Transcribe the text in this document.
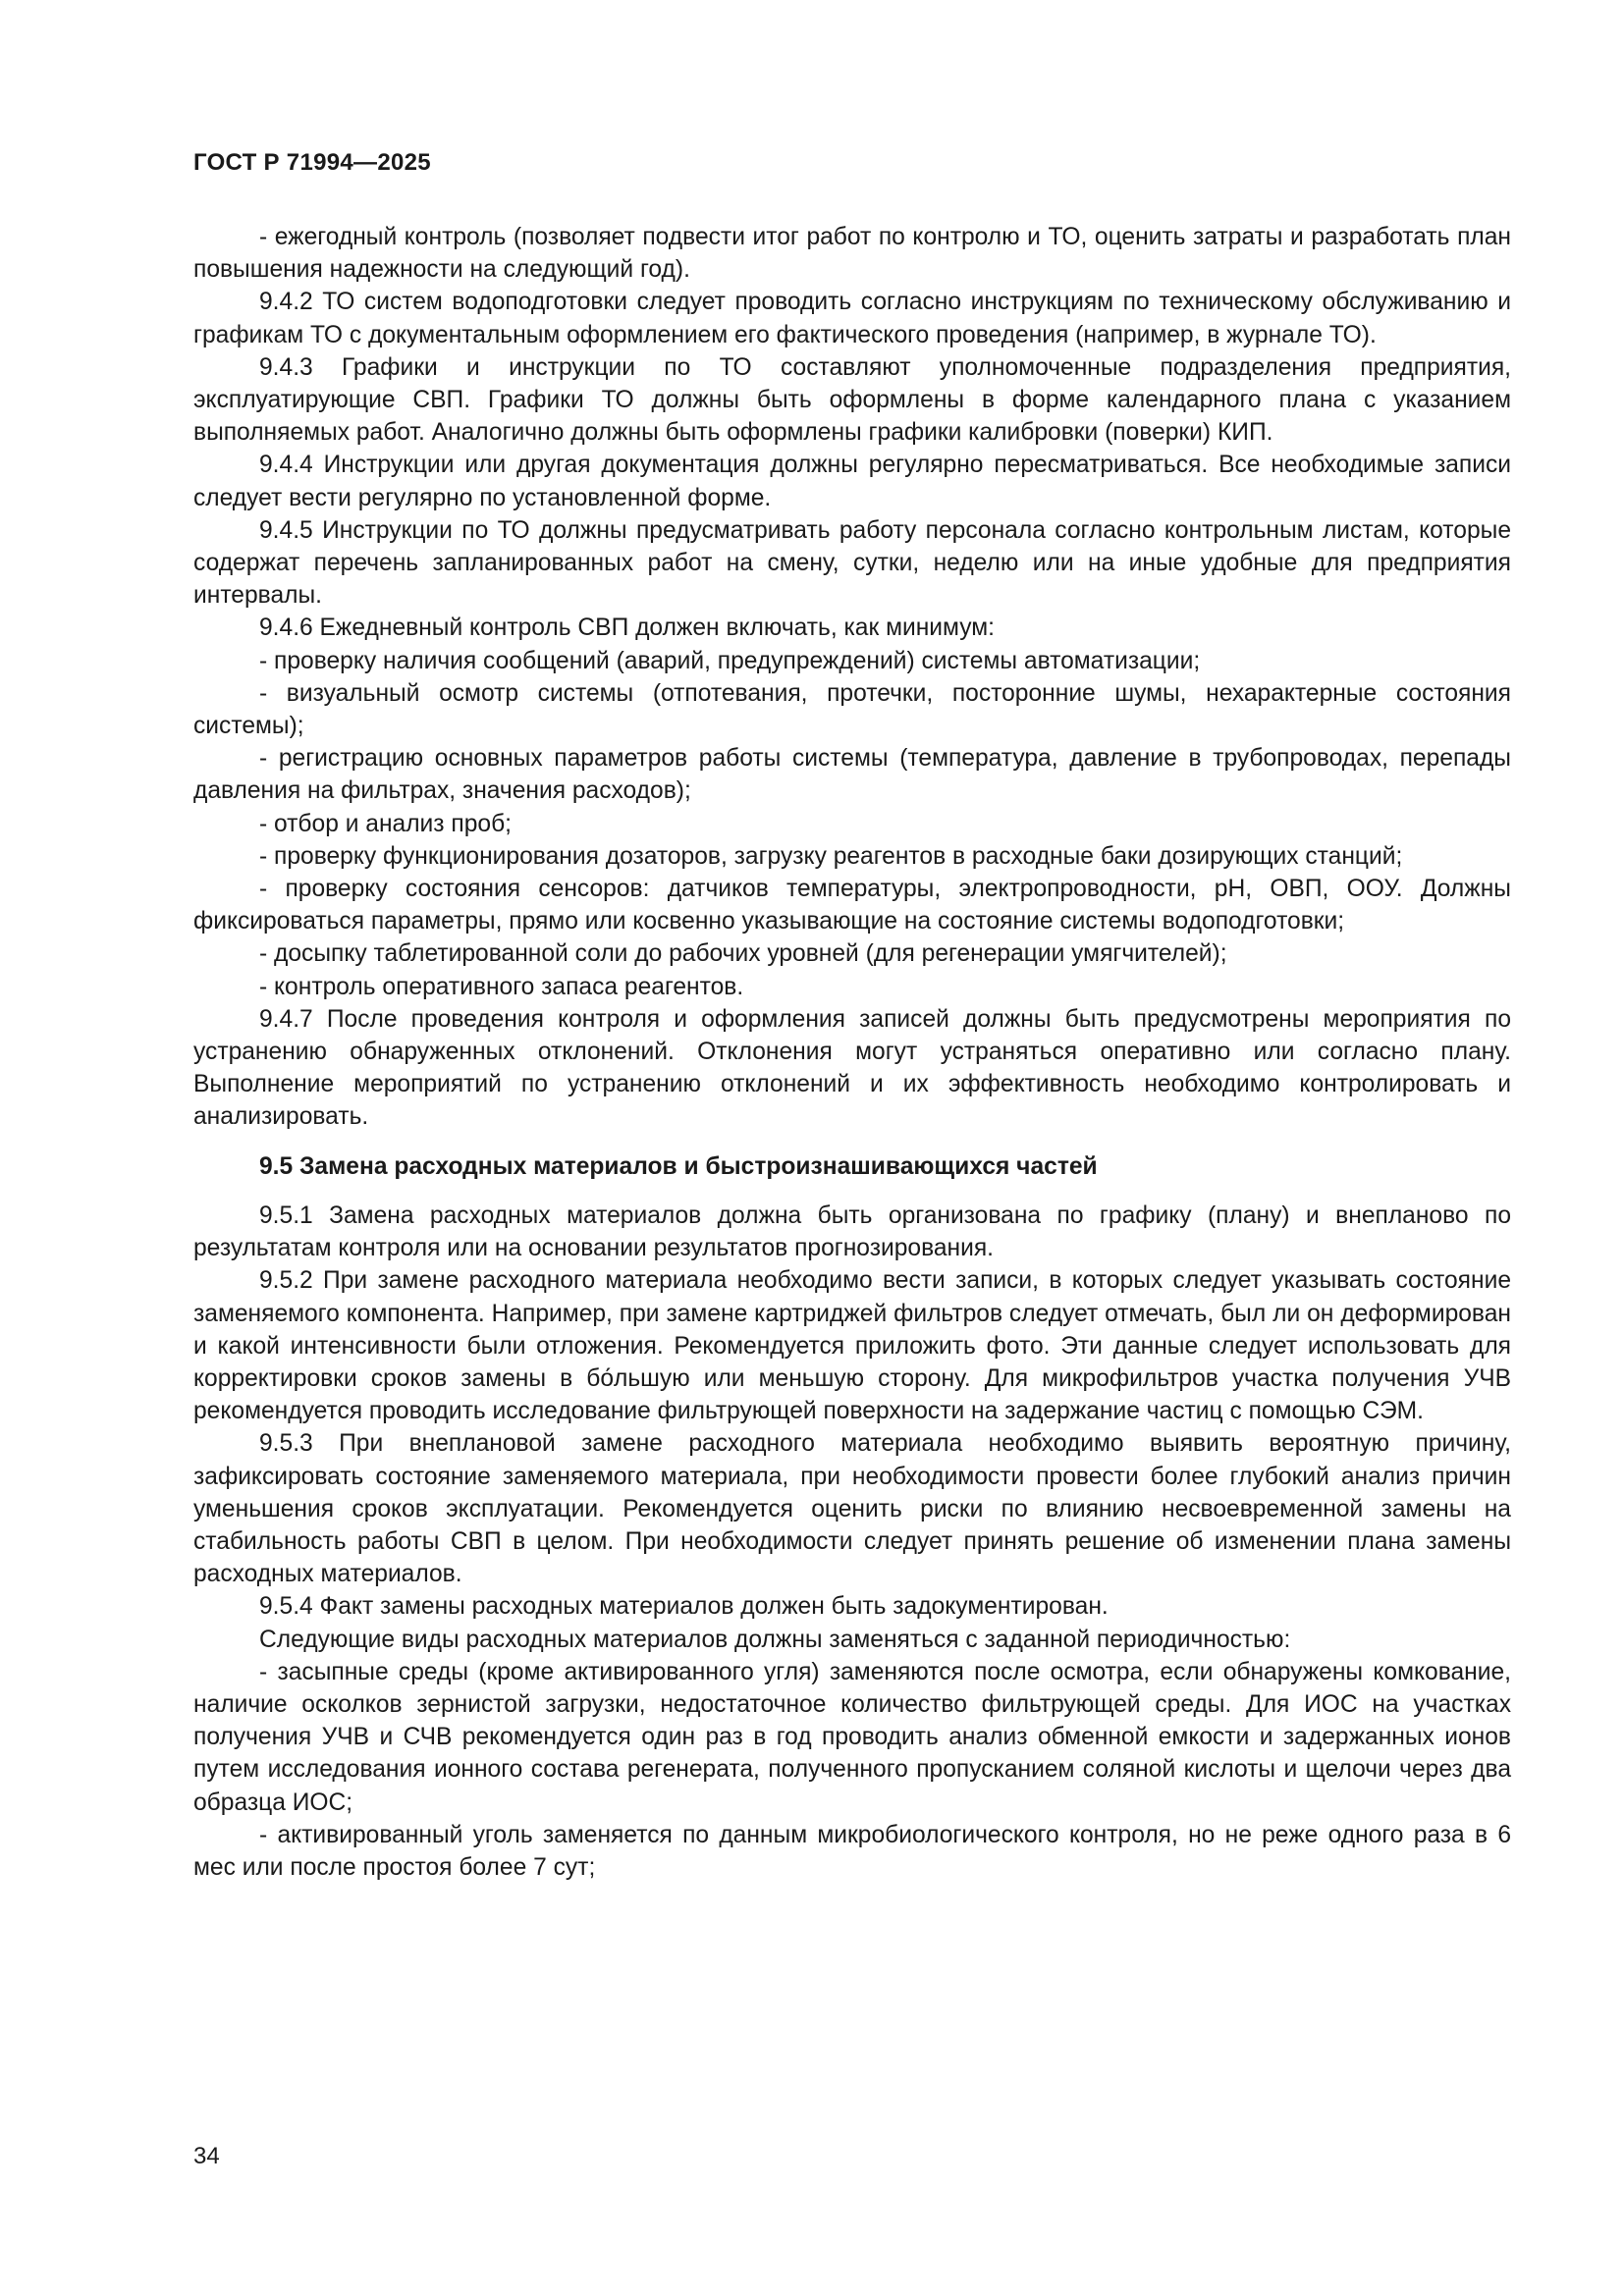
ГОСТ Р 71994—2025

- ежегодный контроль (позволяет подвести итог работ по контролю и ТО, оценить затраты и разработать план повышения надежности на следующий год).

9.4.2 ТО систем водоподготовки следует проводить согласно инструкциям по техническому обслуживанию и графикам ТО с документальным оформлением его фактического проведения (например, в журнале ТО).

9.4.3 Графики и инструкции по ТО составляют уполномоченные подразделения предприятия, эксплуатирующие СВП. Графики ТО должны быть оформлены в форме календарного плана с указанием выполняемых работ. Аналогично должны быть оформлены графики калибровки (поверки) КИП.

9.4.4 Инструкции или другая документация должны регулярно пересматриваться. Все необходимые записи следует вести регулярно по установленной форме.

9.4.5 Инструкции по ТО должны предусматривать работу персонала согласно контрольным листам, которые содержат перечень запланированных работ на смену, сутки, неделю или на иные удобные для предприятия интервалы.

9.4.6 Ежедневный контроль СВП должен включать, как минимум:

- проверку наличия сообщений (аварий, предупреждений) системы автоматизации;

- визуальный осмотр системы (отпотевания, протечки, посторонние шумы, нехарактерные состояния системы);

- регистрацию основных параметров работы системы (температура, давление в трубопроводах, перепады давления на фильтрах, значения расходов);

- отбор и анализ проб;

- проверку функционирования дозаторов, загрузку реагентов в расходные баки дозирующих станций;

- проверку состояния сенсоров: датчиков температуры, электропроводности, рН, ОВП, ООУ. Должны фиксироваться параметры, прямо или косвенно указывающие на состояние системы водоподготовки;

- досыпку таблетированной соли до рабочих уровней (для регенерации умягчителей);

- контроль оперативного запаса реагентов.

9.4.7 После проведения контроля и оформления записей должны быть предусмотрены мероприятия по устранению обнаруженных отклонений. Отклонения могут устраняться оперативно или согласно плану. Выполнение мероприятий по устранению отклонений и их эффективность необходимо контролировать и анализировать.

9.5 Замена расходных материалов и быстроизнашивающихся частей

9.5.1 Замена расходных материалов должна быть организована по графику (плану) и внепланово по результатам контроля или на основании результатов прогнозирования.

9.5.2 При замене расходного материала необходимо вести записи, в которых следует указывать состояние заменяемого компонента. Например, при замене картриджей фильтров следует отмечать, был ли он деформирован и какой интенсивности были отложения. Рекомендуется приложить фото. Эти данные следует использовать для корректировки сроков замены в бо́льшую или меньшую сторону. Для микрофильтров участка получения УЧВ рекомендуется проводить исследование фильтрующей поверхности на задержание частиц с помощью СЭМ.

9.5.3 При внеплановой замене расходного материала необходимо выявить вероятную причину, зафиксировать состояние заменяемого материала, при необходимости провести более глубокий анализ причин уменьшения сроков эксплуатации. Рекомендуется оценить риски по влиянию несвоевременной замены на стабильность работы СВП в целом. При необходимости следует принять решение об изменении плана замены расходных материалов.

9.5.4 Факт замены расходных материалов должен быть задокументирован.

Следующие виды расходных материалов должны заменяться с заданной периодичностью:

- засыпные среды (кроме активированного угля) заменяются после осмотра, если обнаружены комкование, наличие осколков зернистой загрузки, недостаточное количество фильтрующей среды. Для ИОС на участках получения УЧВ и СЧВ рекомендуется один раз в год проводить анализ обменной емкости и задержанных ионов путем исследования ионного состава регенерата, полученного пропусканием соляной кислоты и щелочи через два образца ИОС;

- активированный уголь заменяется по данным микробиологического контроля, но не реже одного раза в 6 мес или после простоя более 7 сут;

34
